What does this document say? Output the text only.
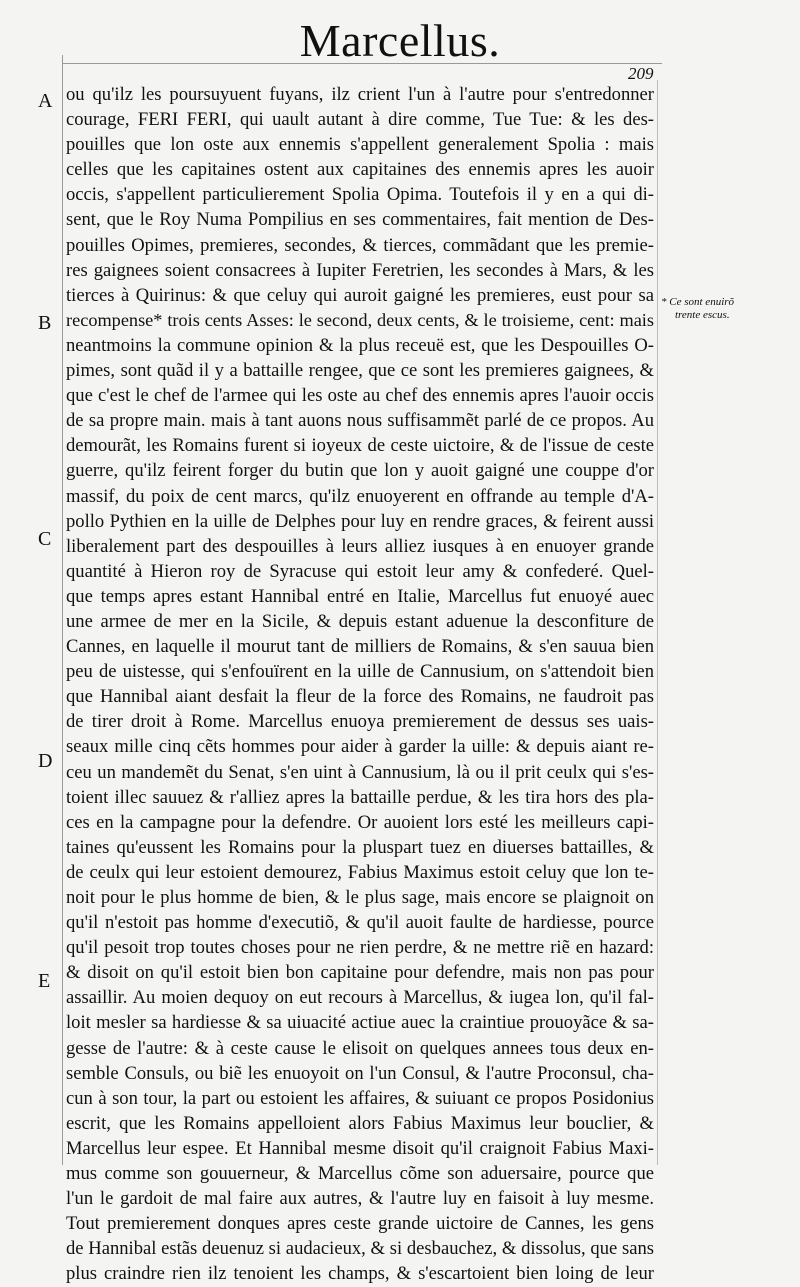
Marcellus.
209
A
B
C
D
E
* Ce sont enuirõ
trente escus.
ou qu'ilz les poursuyuent fuyans, ilz crient l'un à l'autre pour s'entredonner
courage, FERI FERI, qui uault autant à dire comme, Tue Tue: & les des-
pouilles que lon oste aux ennemis s'appellent generalement Spolia : mais
celles que les capitaines ostent aux capitaines des ennemis apres les auoir
occis, s'appellent particulierement Spolia Opima. Toutefois il y en a qui di-
sent, que le Roy Numa Pompilius en ses commentaires, fait mention de Des-
pouilles Opimes, premieres, secondes, & tierces, commãdant que les premie-
res gaignees soient consacrees à Iupiter Feretrien, les secondes à Mars, & les
tierces à Quirinus: & que celuy qui auroit gaigné les premieres, eust pour sa
recompense* trois cents Asses: le second, deux cents, & le troisieme, cent: mais
neantmoins la commune opinion & la plus receuë est, que les Despouilles O-
pimes, sont quãd il y a battaille rengee, que ce sont les premieres gaignees, &
que c'est le chef de l'armee qui les oste au chef des ennemis apres l'auoir occis
de sa propre main. mais à tant auons nous suffisammẽt parlé de ce propos. Au
demourãt, les Romains furent si ioyeux de ceste uictoire, & de l'issue de ceste
guerre, qu'ilz feirent forger du butin que lon y auoit gaigné une couppe d'or
massif, du poix de cent marcs, qu'ilz enuoyerent en offrande au temple d'A-
pollo Pythien en la uille de Delphes pour luy en rendre graces, & feirent aussi
liberalement part des despouilles à leurs alliez iusques à en enuoyer grande
quantité à Hieron roy de Syracuse qui estoit leur amy & confederé. Quel-
que temps apres estant Hannibal entré en Italie, Marcellus fut enuoyé auec
une armee de mer en la Sicile, & depuis estant aduenue la desconfiture de
Cannes, en laquelle il mourut tant de milliers de Romains, & s'en sauua bien
peu de uistesse, qui s'enfouïrent en la uille de Cannusium, on s'attendoit bien
que Hannibal aiant desfait la fleur de la force des Romains, ne faudroit pas
de tirer droit à Rome. Marcellus enuoya premierement de dessus ses uais-
seaux mille cinq cẽts hommes pour aider à garder la uille: & depuis aiant re-
ceu un mandemẽt du Senat, s'en uint à Cannusium, là ou il prit ceulx qui s'es-
toient illec sauuez & r'alliez apres la battaille perdue, & les tira hors des pla-
ces en la campagne pour la defendre. Or auoient lors esté les meilleurs capi-
taines qu'eussent les Romains pour la pluspart tuez en diuerses battailles, &
de ceulx qui leur estoient demourez, Fabius Maximus estoit celuy que lon te-
noit pour le plus homme de bien, & le plus sage, mais encore se plaignoit on
qu'il n'estoit pas homme d'executiõ, & qu'il auoit faulte de hardiesse, pource
qu'il pesoit trop toutes choses pour ne rien perdre, & ne mettre riẽ en hazard:
& disoit on qu'il estoit bien bon capitaine pour defendre, mais non pas pour
assaillir. Au moien dequoy on eut recours à Marcellus, & iugea lon, qu'il fal-
loit mesler sa hardiesse & sa uiuacité actiue auec la craintiue prouoyãce & sa-
gesse de l'autre: & à ceste cause le elisoit on quelques annees tous deux en-
semble Consuls, ou biẽ les enuoyoit on l'un Consul, & l'autre Proconsul, cha-
cun à son tour, la part ou estoient les affaires, & suiuant ce propos Posidonius
escrit, que les Romains appelloient alors Fabius Maximus leur bouclier, &
Marcellus leur espee. Et Hannibal mesme disoit qu'il craignoit Fabius Maxi-
mus comme son gouuerneur, & Marcellus cõme son aduersaire, pource que
l'un le gardoit de mal faire aux autres, & l'autre luy en faisoit à luy mesme.
Tout premierement donques apres ceste grande uictoire de Cannes, les gens
de Hannibal estãs deuenuz si audacieux, & si desbauchez, & dissolus, que sans
plus craindre rien ilz tenoient les champs, & s'escartoient bien loing de leur
